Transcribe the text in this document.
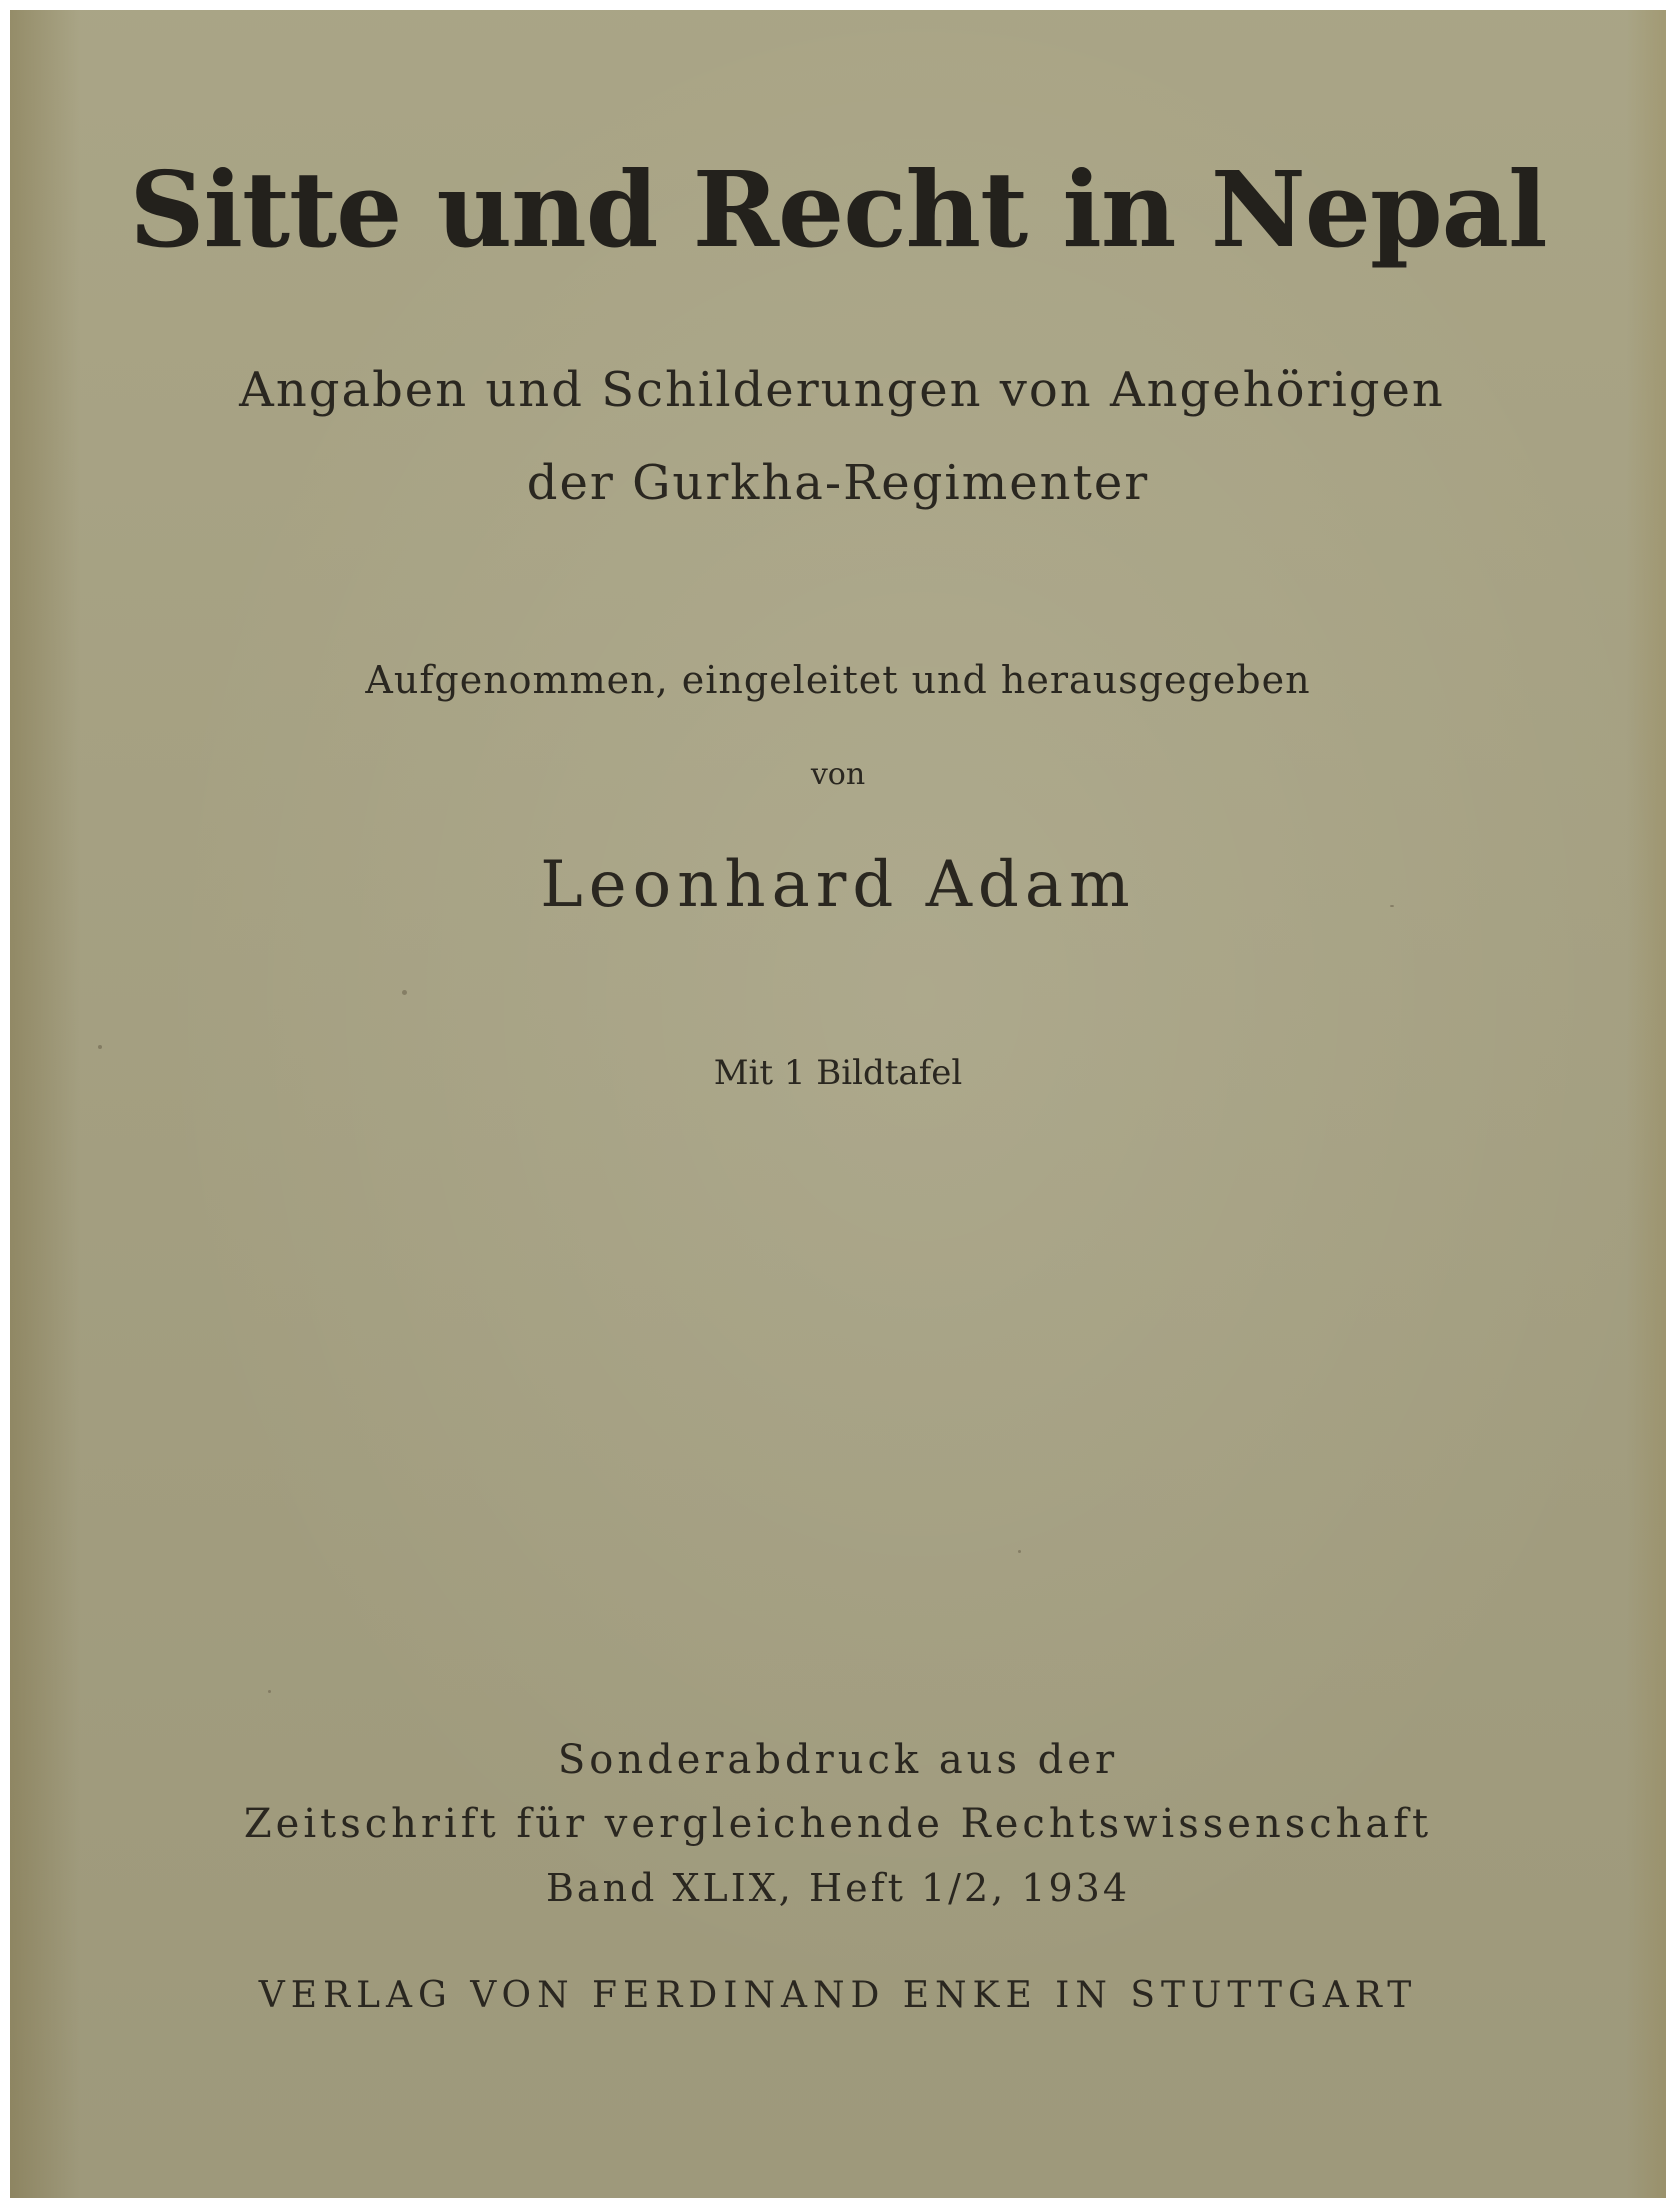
Sitte und Recht in Nepal
Angaben und Schilderungen von Angehörigen
der Gurkha-Regimenter
Aufgenommen, eingeleitet und herausgegeben
von
Leonhard Adam
Mit 1 Bildtafel
Sonderabdruck aus der
Zeitschrift für vergleichende Rechtswissenschaft
Band XLIX, Heft 1/2, 1934
VERLAG VON FERDINAND ENKE IN STUTTGART
